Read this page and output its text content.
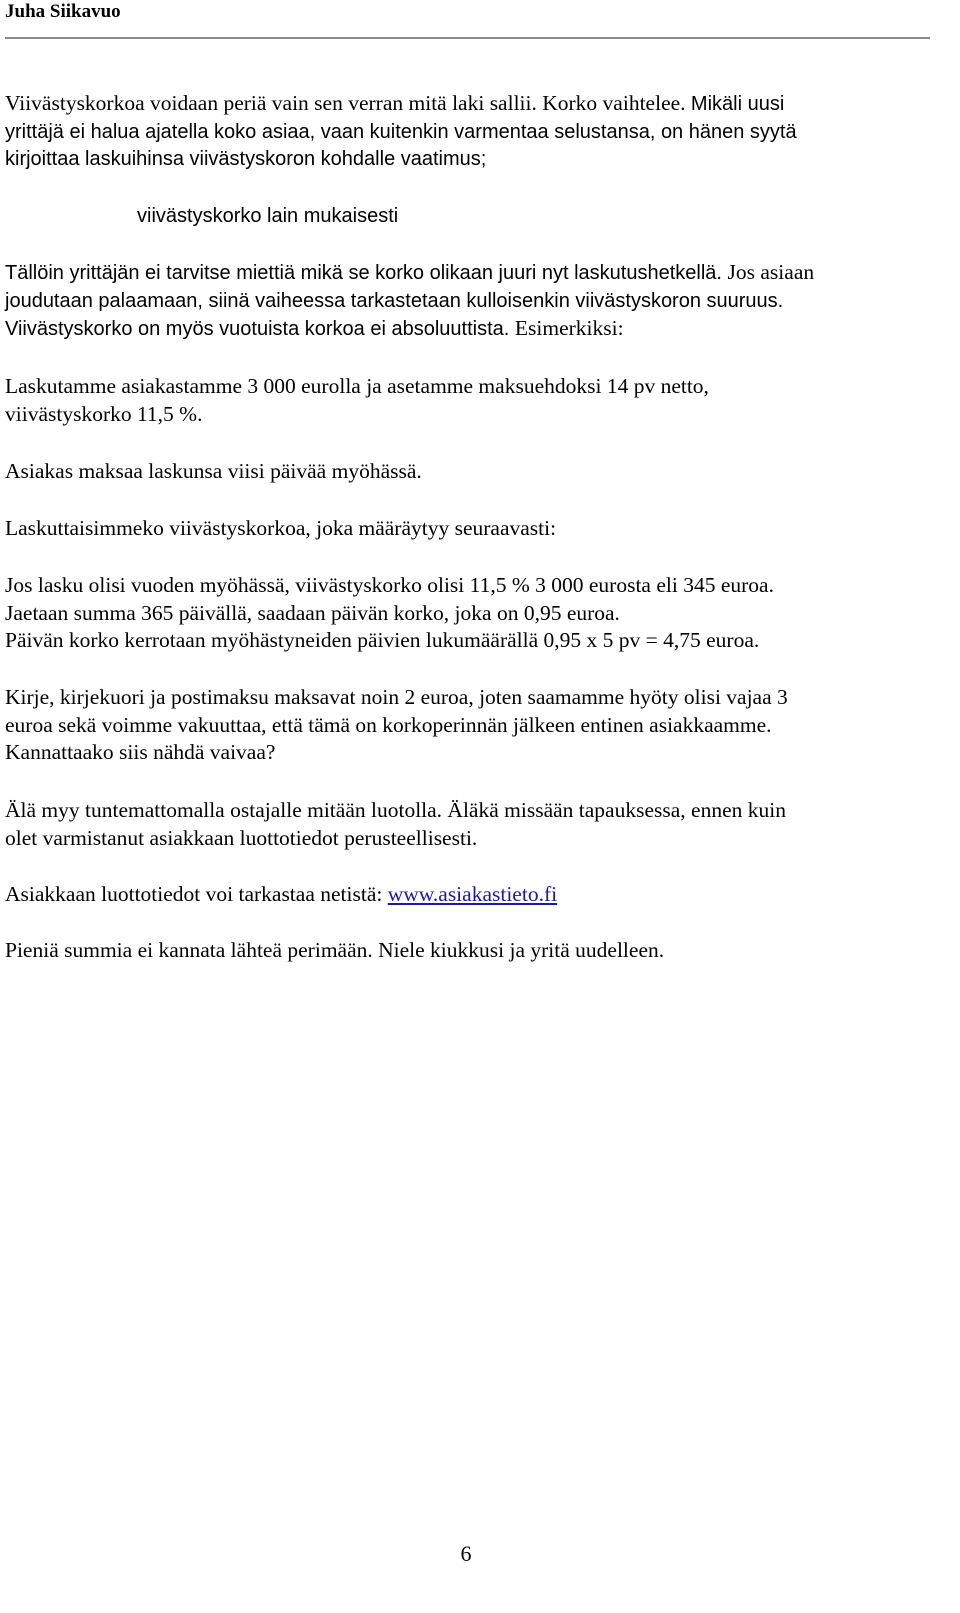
Juha Siikavuo
Viivästyskorkoa voidaan periä vain sen verran mitä laki sallii. Korko vaihtelee. Mikäli uusi
yrittäjä ei halua ajatella koko asiaa, vaan kuitenkin varmentaa selustansa, on hänen syytä
kirjoittaa laskuihinsa viivästyskoron kohdalle vaatimus;
viivästyskorko lain mukaisesti
Tällöin yrittäjän ei tarvitse miettiä mikä se korko olikaan juuri nyt laskutushetkellä. Jos asiaan
joudutaan palaamaan, siinä vaiheessa tarkastetaan kulloisenkin viivästyskoron suuruus.
Viivästyskorko on myös vuotuista korkoa ei absoluuttista. Esimerkiksi:
Laskutamme asiakastamme 3 000 eurolla ja asetamme maksuehdoksi 14 pv netto,
viivästyskorko 11,5 %.
Asiakas maksaa laskunsa viisi päivää myöhässä.
Laskuttaisimmeko viivästyskorkoa, joka määräytyy seuraavasti:
Jos lasku olisi vuoden myöhässä, viivästyskorko olisi 11,5 % 3 000 eurosta eli 345 euroa.
Jaetaan summa 365 päivällä, saadaan päivän korko, joka on 0,95 euroa.
Päivän korko kerrotaan myöhästyneiden päivien lukumäärällä 0,95 x 5 pv = 4,75 euroa.
Kirje, kirjekuori ja postimaksu maksavat noin 2 euroa, joten saamamme hyöty olisi vajaa 3
euroa sekä voimme vakuuttaa, että tämä on korkoperinnän jälkeen entinen asiakkaamme.
Kannattaako siis nähdä vaivaa?
Älä myy tuntemattomalla ostajalle mitään luotolla. Äläkä missään tapauksessa, ennen kuin
olet varmistanut asiakkaan luottotiedot perusteellisesti.
Asiakkaan luottotiedot voi tarkastaa netistä: www.asiakastieto.fi
Pieniä summia ei kannata lähteä perimään. Niele kiukkusi ja yritä uudelleen.
6
